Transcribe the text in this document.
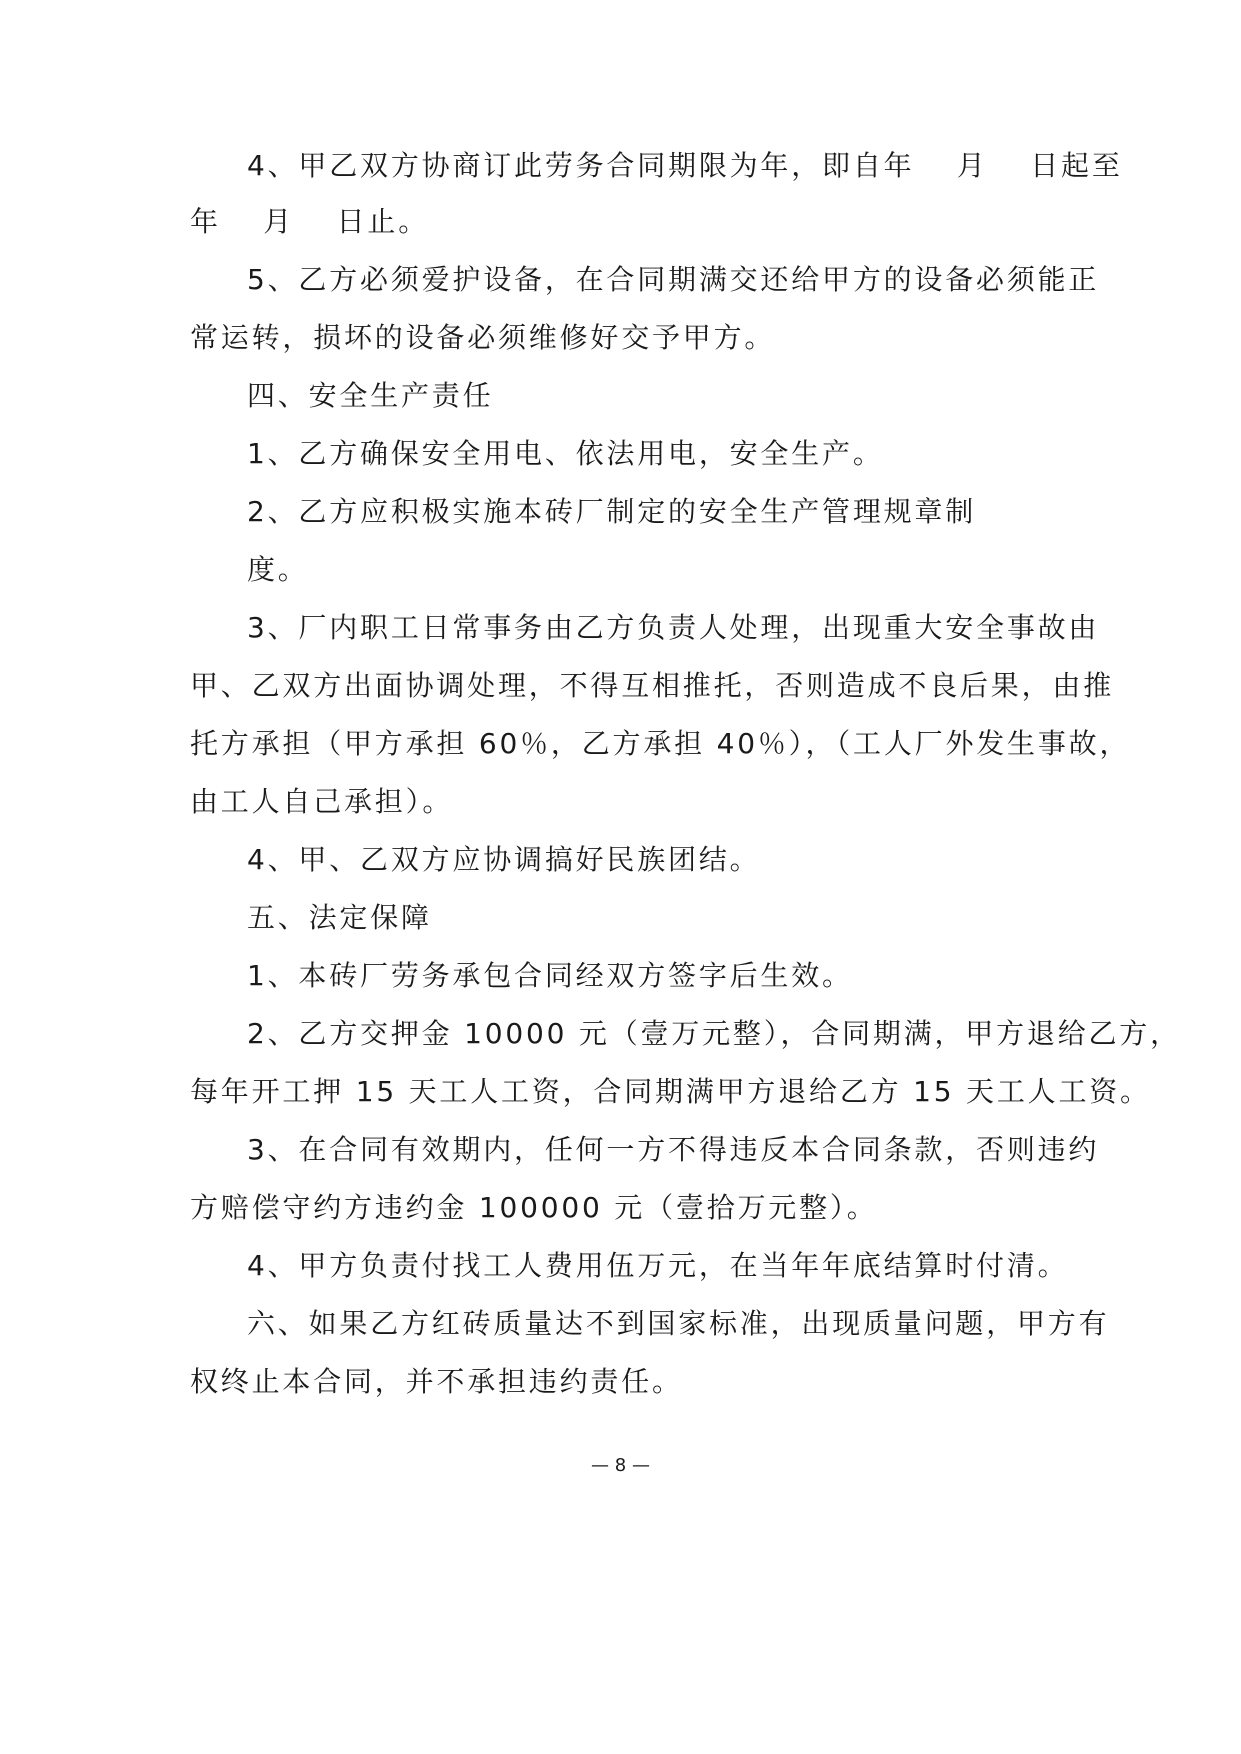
4、甲乙双方协商订此劳务合同期限为年，即自年　 月　 日起至
年　 月　 日止。
5、乙方必须爱护设备，在合同期满交还给甲方的设备必须能正
常运转，损坏的设备必须维修好交予甲方。
四、安全生产责任
1、乙方确保安全用电、依法用电，安全生产。
2、乙方应积极实施本砖厂制定的安全生产管理规章制
度。
3、厂内职工日常事务由乙方负责人处理，出现重大安全事故由
甲、乙双方出面协调处理，不得互相推托，否则造成不良后果，由推
托方承担（甲方承担 60％，乙方承担 40％），（工人厂外发生事故，
由工人自己承担）。
4、甲、乙双方应协调搞好民族团结。
五、法定保障
1、本砖厂劳务承包合同经双方签字后生效。
2、乙方交押金 10000 元（壹万元整），合同期满，甲方退给乙方，
每年开工押 15 天工人工资，合同期满甲方退给乙方 15 天工人工资。
3、在合同有效期内，任何一方不得违反本合同条款，否则违约
方赔偿守约方违约金 100000 元（壹拾万元整）。
4、甲方负责付找工人费用伍万元，在当年年底结算时付清。
六、如果乙方红砖质量达不到国家标准，出现质量问题，甲方有
权终止本合同，并不承担违约责任。
— 8 —
